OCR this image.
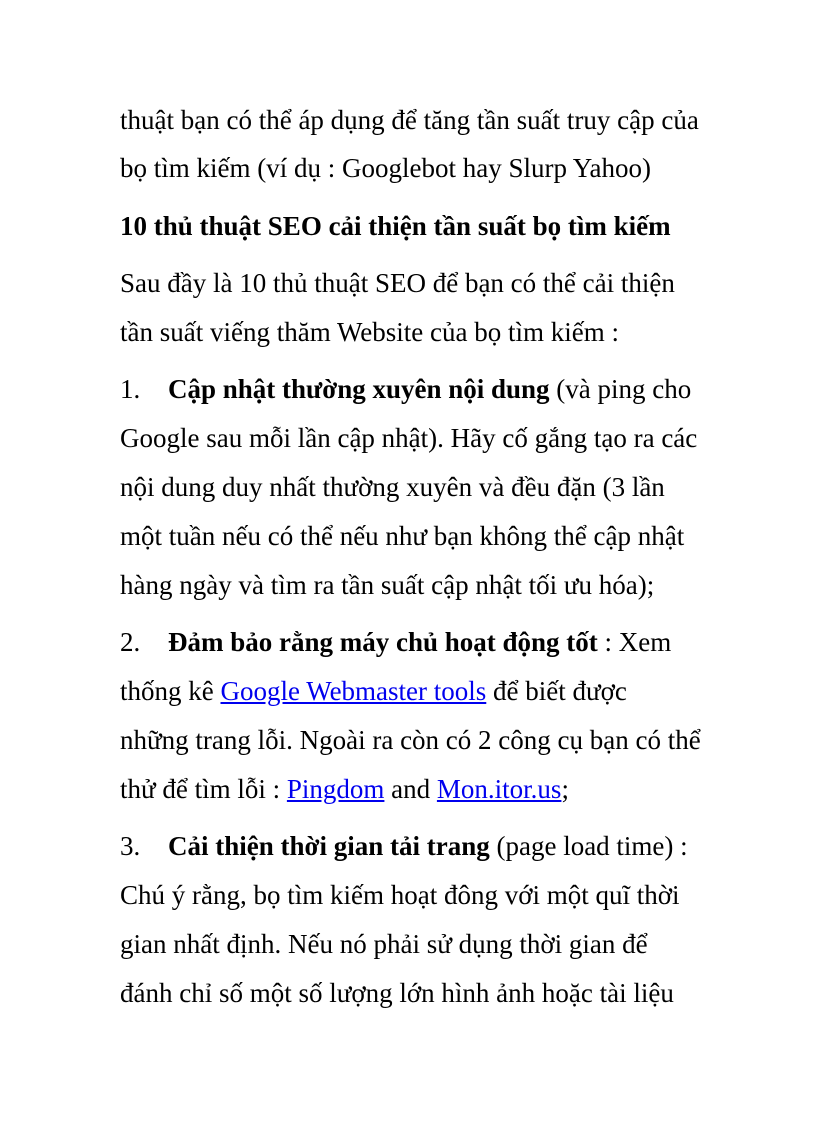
thuật bạn có thể áp dụng để tăng tần suất truy cập của
bọ tìm kiếm (ví dụ : Googlebot hay Slurp Yahoo)
10 thủ thuật SEO cải thiện tần suất bọ tìm kiếm
Sau đầy là 10 thủ thuật SEO để bạn có thể cải thiện
tần suất viếng thăm Website của bọ tìm kiếm :
1. Cập nhật thường xuyên nội dung (và ping cho
Google sau mỗi lần cập nhật). Hãy cố gắng tạo ra các
nội dung duy nhất thường xuyên và đều đặn (3 lần
một tuần nếu có thể nếu như bạn không thể cập nhật
hàng ngày và tìm ra tần suất cập nhật tối ưu hóa);
2. Đảm bảo rằng máy chủ hoạt động tốt : Xem
thống kê Google Webmaster tools để biết được
những trang lỗi. Ngoài ra còn có 2 công cụ bạn có thể
thử để tìm lỗi : Pingdom and Mon.itor.us;
3. Cải thiện thời gian tải trang (page load time) :
Chú ý rằng, bọ tìm kiếm hoạt đông với một quĩ thời
gian nhất định. Nếu nó phải sử dụng thời gian để
đánh chỉ số một số lượng lớn hình ảnh hoặc tài liệu
